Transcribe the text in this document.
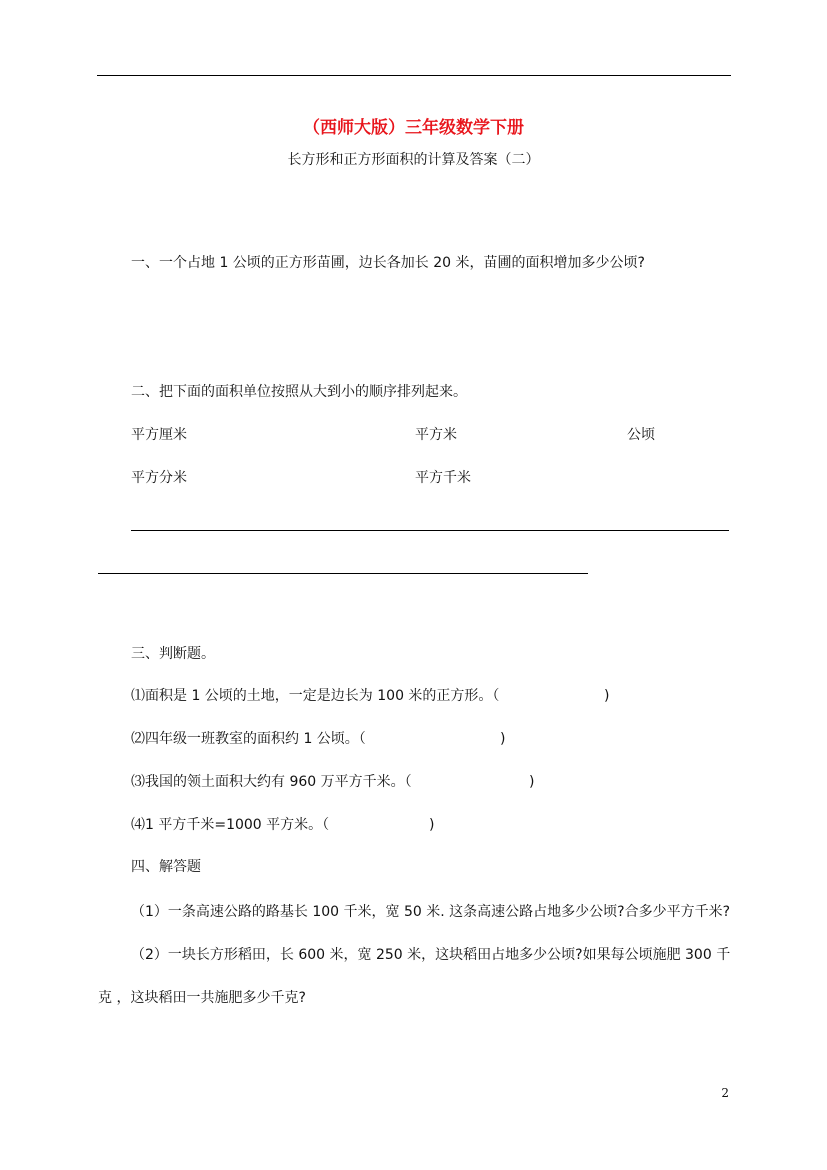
（西师大版）三年级数学下册
长方形和正方形面积的计算及答案（二）
一、一个占地 1 公顷的正方形苗圃，边长各加长 20 米，苗圃的面积增加多少公顷?
二、把下面的面积单位按照从大到小的顺序排列起来。
平方厘米	平方米	公顷
平方分米	平方千米
三、判断题。
⑴面积是 1 公顷的土地，一定是边长为 100 米的正方形。（	)
⑵四年级一班教室的面积约 1 公顷。（	)
⑶我国的领土面积大约有 960 万平方千米。（	)
⑷1 平方千米=1000 平方米。（	)
四、解答题
（1）一条高速公路的路基长 100 千米，宽 50 米. 这条高速公路占地多少公顷?合多少平方千米?
（2）一块长方形稻田，长 600 米，宽 250 米，这块稻田占地多少公顷?如果每公顷施肥 300 千
克 ，这块稻田一共施肥多少千克?
2
